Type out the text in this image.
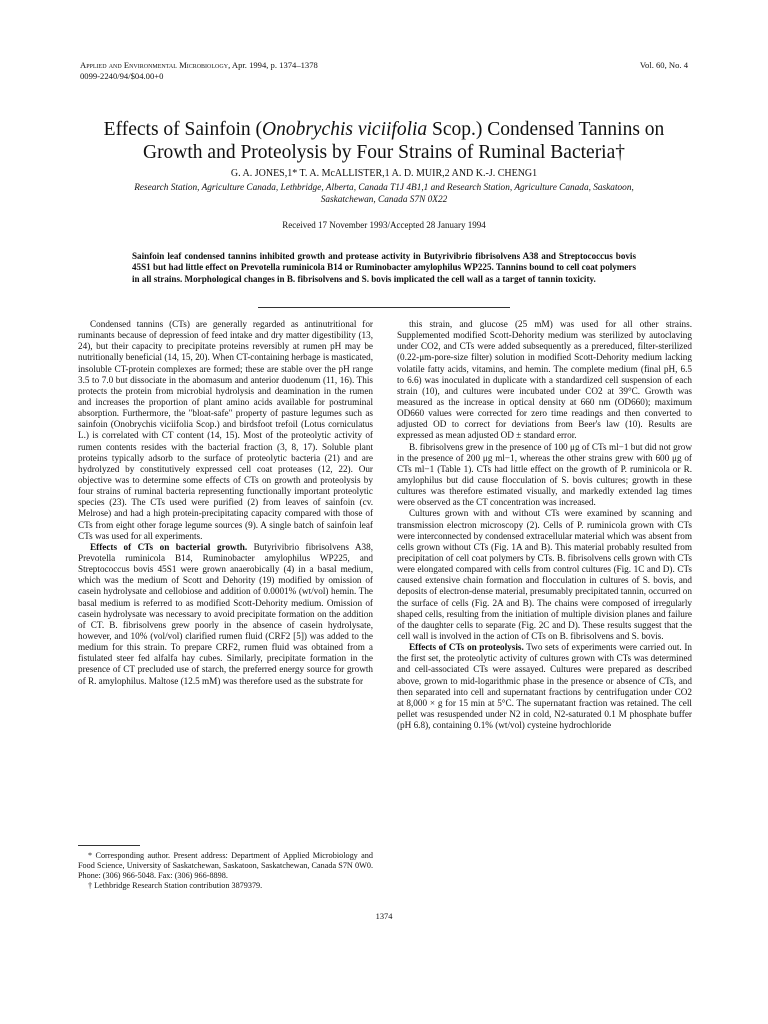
Applied and Environmental Microbiology, Apr. 1994, p. 1374–1378
0099-2240/94/$04.00+0
Vol. 60, No. 4
Effects of Sainfoin (Onobrychis viciifolia Scop.) Condensed Tannins on Growth and Proteolysis by Four Strains of Ruminal Bacteria†
G. A. JONES,1* T. A. McALLISTER,1 A. D. MUIR,2 AND K.-J. CHENG1
Research Station, Agriculture Canada, Lethbridge, Alberta, Canada T1J 4B1,1 and Research Station, Agriculture Canada, Saskatoon, Saskatchewan, Canada S7N 0X22
Received 17 November 1993/Accepted 28 January 1994
Sainfoin leaf condensed tannins inhibited growth and protease activity in Butyrivibrio fibrisolvens A38 and Streptococcus bovis 45S1 but had little effect on Prevotella ruminicola B14 or Ruminobacter amylophilus WP225. Tannins bound to cell coat polymers in all strains. Morphological changes in B. fibrisolvens and S. bovis implicated the cell wall as a target of tannin toxicity.

Condensed tannins (CTs) are generally regarded as antinutritional for ruminants because of depression of feed intake and dry matter digestibility (13, 24), but their capacity to precipitate proteins reversibly at rumen pH may be nutritionally beneficial (14, 15, 20). When CT-containing herbage is masticated, insoluble CT-protein complexes are formed; these are stable over the pH range 3.5 to 7.0 but dissociate in the abomasum and anterior duodenum (11, 16). This protects the protein from microbial hydrolysis and deamination in the rumen and increases the proportion of plant amino acids available for postruminal absorption. Furthermore, the "bloat-safe" property of pasture legumes such as sainfoin (Onobrychis viciifolia Scop.) and birdsfoot trefoil (Lotus corniculatus L.) is correlated with CT content (14, 15). Most of the proteolytic activity of rumen contents resides with the bacterial fraction (3, 8, 17). Soluble plant proteins typically adsorb to the surface of proteolytic bacteria (21) and are hydrolyzed by constitutively expressed cell coat proteases (12, 22). Our objective was to determine some effects of CTs on growth and proteolysis by four strains of ruminal bacteria representing functionally important proteolytic species (23). The CTs used were purified (2) from leaves of sainfoin (cv. Melrose) and had a high protein-precipitating capacity compared with those of CTs from eight other forage legume sources (9). A single batch of sainfoin leaf CTs was used for all experiments.

Effects of CTs on bacterial growth. Butyrivibrio fibrisolvens A38, Prevotella ruminicola B14, Ruminobacter amylophilus WP225, and Streptococcus bovis 45S1 were grown anaerobically (4) in a basal medium, which was the medium of Scott and Dehority (19) modified by omission of casein hydrolysate and cellobiose and addition of 0.0001% (wt/vol) hemin. The basal medium is referred to as modified Scott-Dehority medium. Omission of casein hydrolysate was necessary to avoid precipitate formation on the addition of CT. B. fibrisolvens grew poorly in the absence of casein hydrolysate, however, and 10% (vol/vol) clarified rumen fluid (CRF2 [5]) was added to the medium for this strain. To prepare CRF2, rumen fluid was obtained from a fistulated steer fed alfalfa hay cubes. Similarly, precipitate formation in the presence of CT precluded use of starch, the preferred energy source for growth of R. amylophilus. Maltose (12.5 mM) was therefore used as the substrate for

this strain, and glucose (25 mM) was used for all other strains. Supplemented modified Scott-Dehority medium was sterilized by autoclaving under CO2, and CTs were added subsequently as a prereduced, filter-sterilized (0.22-μm-pore-size filter) solution in modified Scott-Dehority medium lacking volatile fatty acids, vitamins, and hemin. The complete medium (final pH, 6.5 to 6.6) was inoculated in duplicate with a standardized cell suspension of each strain (10), and cultures were incubated under CO2 at 39°C. Growth was measured as the increase in optical density at 660 nm (OD660); maximum OD660 values were corrected for zero time readings and then converted to adjusted OD to correct for deviations from Beer's law (10). Results are expressed as mean adjusted OD ± standard error.

B. fibrisolvens grew in the presence of 100 μg of CTs ml−1 but did not grow in the presence of 200 μg ml−1, whereas the other strains grew with 600 μg of CTs ml−1 (Table 1). CTs had little effect on the growth of P. ruminicola or R. amylophilus but did cause flocculation of S. bovis cultures; growth in these cultures was therefore estimated visually, and markedly extended lag times were observed as the CT concentration was increased.

Cultures grown with and without CTs were examined by scanning and transmission electron microscopy (2). Cells of P. ruminicola grown with CTs were interconnected by condensed extracellular material which was absent from cells grown without CTs (Fig. 1A and B). This material probably resulted from precipitation of cell coat polymers by CTs. B. fibrisolvens cells grown with CTs were elongated compared with cells from control cultures (Fig. 1C and D). CTs caused extensive chain formation and flocculation in cultures of S. bovis, and deposits of electron-dense material, presumably precipitated tannin, occurred on the surface of cells (Fig. 2A and B). The chains were composed of irregularly shaped cells, resulting from the initiation of multiple division planes and failure of the daughter cells to separate (Fig. 2C and D). These results suggest that the cell wall is involved in the action of CTs on B. fibrisolvens and S. bovis.

Effects of CTs on proteolysis. Two sets of experiments were carried out. In the first set, the proteolytic activity of cultures grown with CTs was determined and cell-associated CTs were assayed. Cultures were prepared as described above, grown to mid-logarithmic phase in the presence or absence of CTs, and then separated into cell and supernatant fractions by centrifugation under CO2 at 8,000 × g for 15 min at 5°C. The supernatant fraction was retained. The cell pellet was resuspended under N2 in cold, N2-saturated 0.1 M phosphate buffer (pH 6.8), containing 0.1% (wt/vol) cysteine hydrochloride

* Corresponding author. Present address: Department of Applied Microbiology and Food Science, University of Saskatchewan, Saskatoon, Saskatchewan, Canada S7N 0W0. Phone: (306) 966-5048. Fax: (306) 966-8898.

† Lethbridge Research Station contribution 3879379.

1374
